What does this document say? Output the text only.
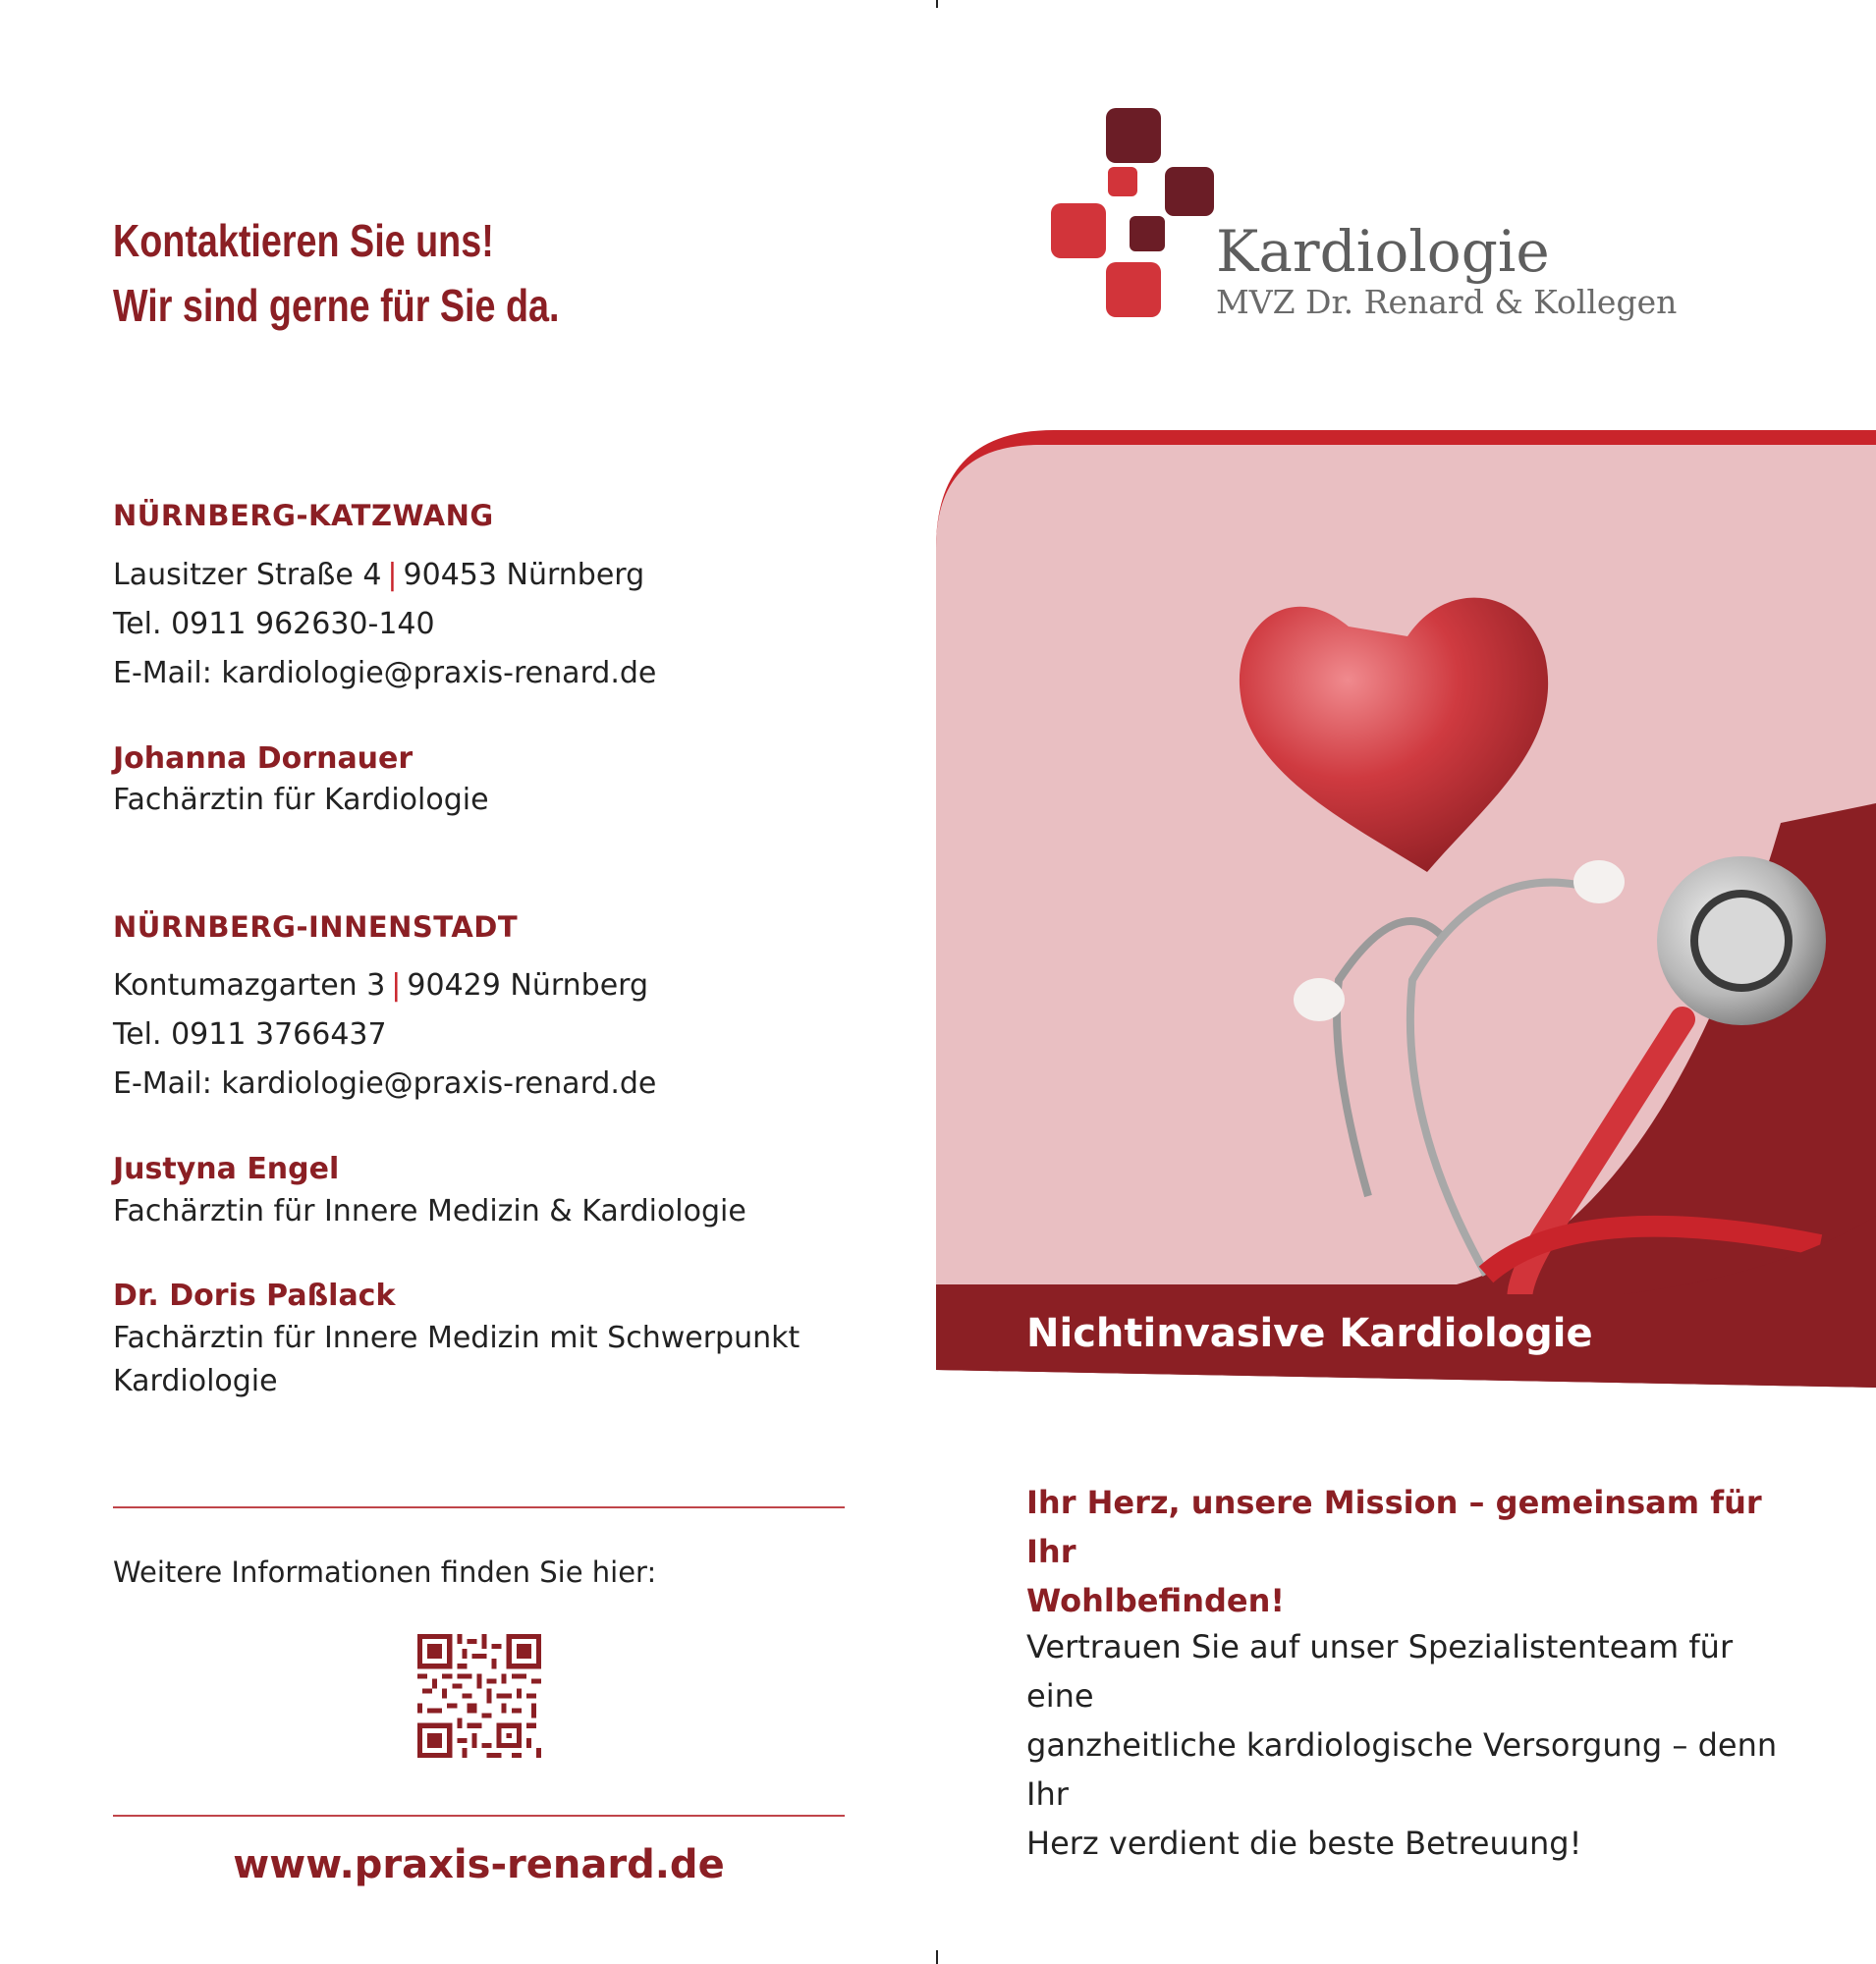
Kontaktieren Sie uns!
Wir sind gerne für Sie da.
NÜRNBERG-KATZWANG
Lausitzer Straße 4 | 90453 Nürnberg
Tel. 0911 962630-140
E-Mail: kardiologie@praxis-renard.de
Johanna Dornauer
Fachärztin für Kardiologie
NÜRNBERG-INNENSTADT
Kontumazgarten 3 | 90429 Nürnberg
Tel. 0911 3766437
E-Mail: kardiologie@praxis-renard.de
Justyna Engel
Fachärztin für Innere Medizin & Kardiologie
Dr. Doris Paßlack
Fachärztin für Innere Medizin mit Schwerpunkt
Kardiologie
Weitere Informationen finden Sie hier:
www.praxis-renard.de
Kardiologie
MVZ Dr. Renard & Kollegen
Nichtinvasive Kardiologie
Ihr Herz, unsere Mission – gemeinsam für Ihr
Wohlbefinden!
Vertrauen Sie auf unser Spezialistenteam für eine
ganzheitliche kardiologische Versorgung – denn Ihr
Herz verdient die beste Betreuung!
